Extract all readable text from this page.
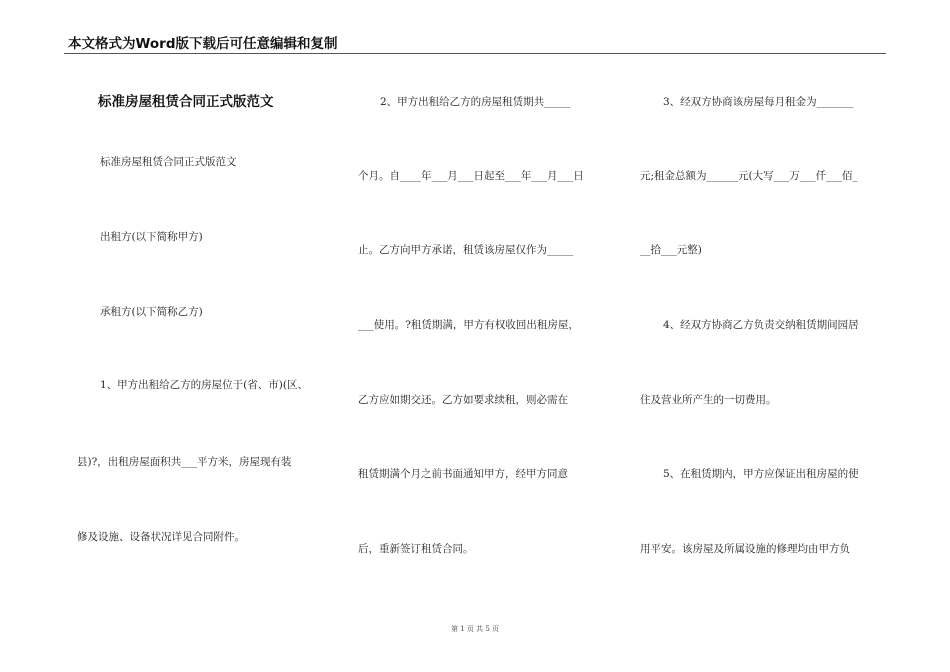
本文格式为Word版下载后可任意编辑和复制
标准房屋租赁合同正式版范文
标准房屋租赁合同正式版范文
出租方(以下简称甲方)
承租方(以下简称乙方)
1、甲方出租给乙方的房屋位于(省、市)(区、
县)?，出租房屋面积共___平方米，房屋现有装
修及设施、设备状况详见合同附件。
2、甲方出租给乙方的房屋租赁期共_____
个月。自____年___月___日起至___年___月___日
止。乙方向甲方承诺，租赁该房屋仅作为_____
___使用。?租赁期满，甲方有权收回出租房屋，
乙方应如期交还。乙方如要求续租，则必需在
租赁期满个月之前书面通知甲方，经甲方同意
后，重新签订租赁合同。
3、经双方协商该房屋每月租金为_______
元;租金总额为______元(大写___万___仟___佰_
__拾___元整)
4、经双方协商乙方负责交纳租赁期间园居
住及营业所产生的一切费用。
5、在租赁期内，甲方应保证出租房屋的使
用平安。该房屋及所属设施的修理均由甲方负
第 1 页 共 5 页
